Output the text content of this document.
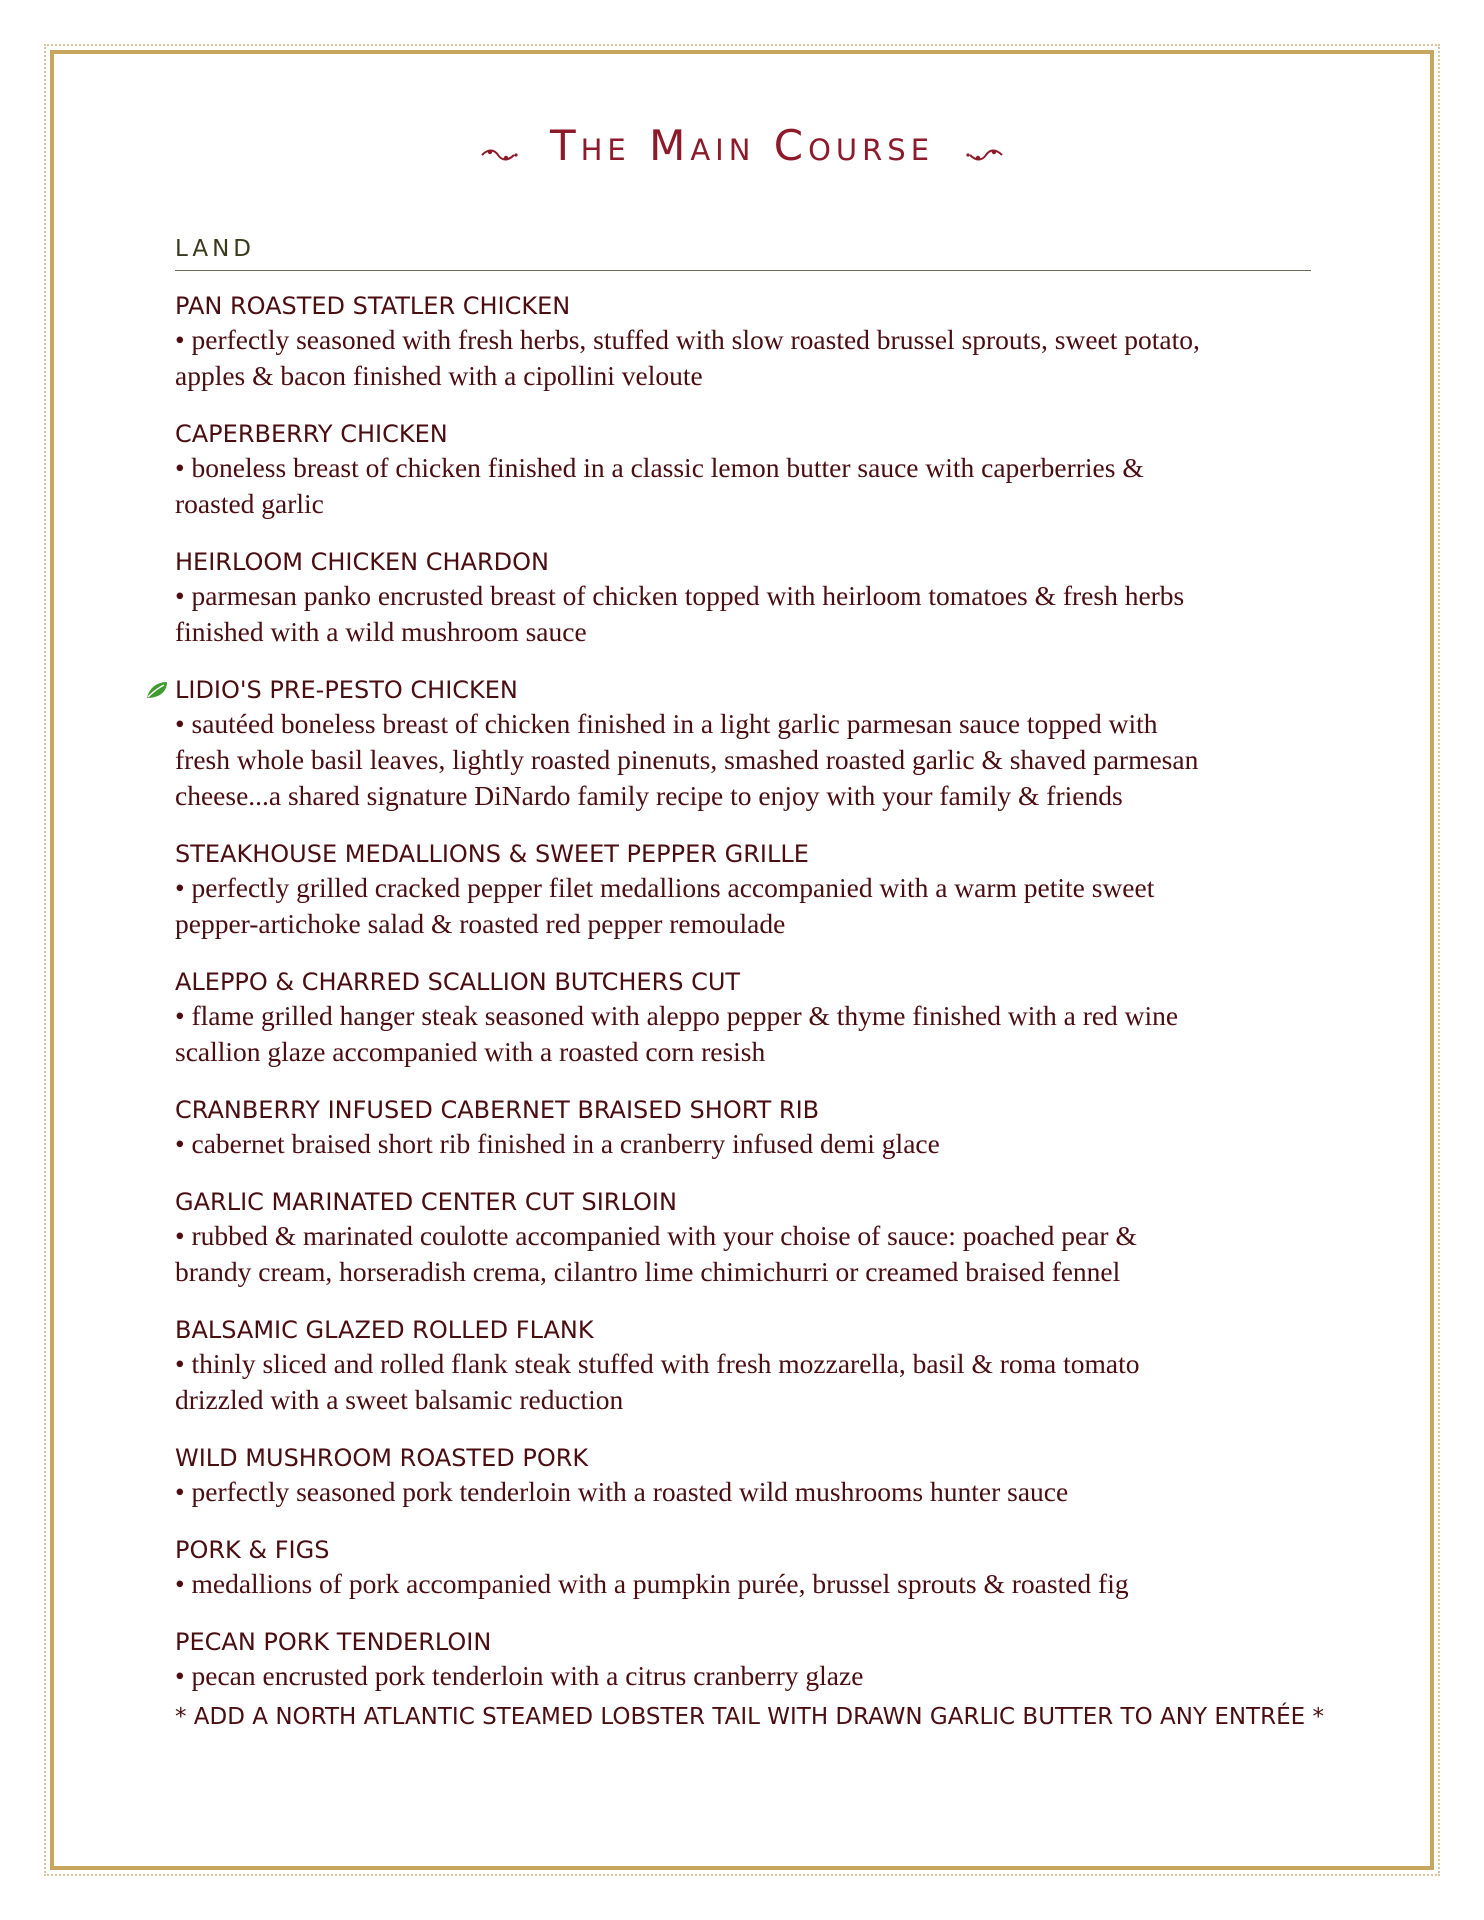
The Main Course
LAND
PAN ROASTED STATLER CHICKEN
• perfectly seasoned with fresh herbs, stuffed with slow roasted brussel sprouts, sweet potato,
apples & bacon finished with a cipollini veloute
CAPERBERRY CHICKEN
• boneless breast of chicken finished in a classic lemon butter sauce with caperberries &
roasted garlic
HEIRLOOM CHICKEN CHARDON
• parmesan panko encrusted breast of chicken topped with heirloom tomatoes & fresh herbs
finished with a wild mushroom sauce
LIDIO'S PRE-PESTO CHICKEN
• sautéed boneless breast of chicken finished in a light garlic parmesan sauce topped with
fresh whole basil leaves, lightly roasted pinenuts, smashed roasted garlic & shaved parmesan
cheese...a shared signature DiNardo family recipe to enjoy with your family & friends
STEAKHOUSE MEDALLIONS & SWEET PEPPER GRILLE
• perfectly grilled cracked pepper filet medallions accompanied with a warm petite sweet
pepper-artichoke salad & roasted red pepper remoulade
ALEPPO & CHARRED SCALLION BUTCHERS CUT
• flame grilled hanger steak seasoned with aleppo pepper & thyme finished with a red wine
scallion glaze accompanied with a roasted corn resish
CRANBERRY INFUSED CABERNET BRAISED SHORT RIB
• cabernet braised short rib finished in a cranberry infused demi glace
GARLIC MARINATED CENTER CUT SIRLOIN
• rubbed & marinated coulotte accompanied with your choise of sauce: poached pear &
brandy cream, horseradish crema, cilantro lime chimichurri or creamed braised fennel
BALSAMIC GLAZED ROLLED FLANK
• thinly sliced and rolled flank steak stuffed with fresh mozzarella, basil & roma tomato
drizzled with a sweet balsamic reduction
WILD MUSHROOM ROASTED PORK
• perfectly seasoned pork tenderloin with a roasted wild mushrooms hunter sauce
PORK & FIGS
• medallions of pork accompanied with a pumpkin purée, brussel sprouts & roasted fig
PECAN PORK TENDERLOIN
• pecan encrusted pork tenderloin with a citrus cranberry glaze
* ADD A NORTH ATLANTIC STEAMED LOBSTER TAIL WITH DRAWN GARLIC BUTTER TO ANY ENTRÉE *
